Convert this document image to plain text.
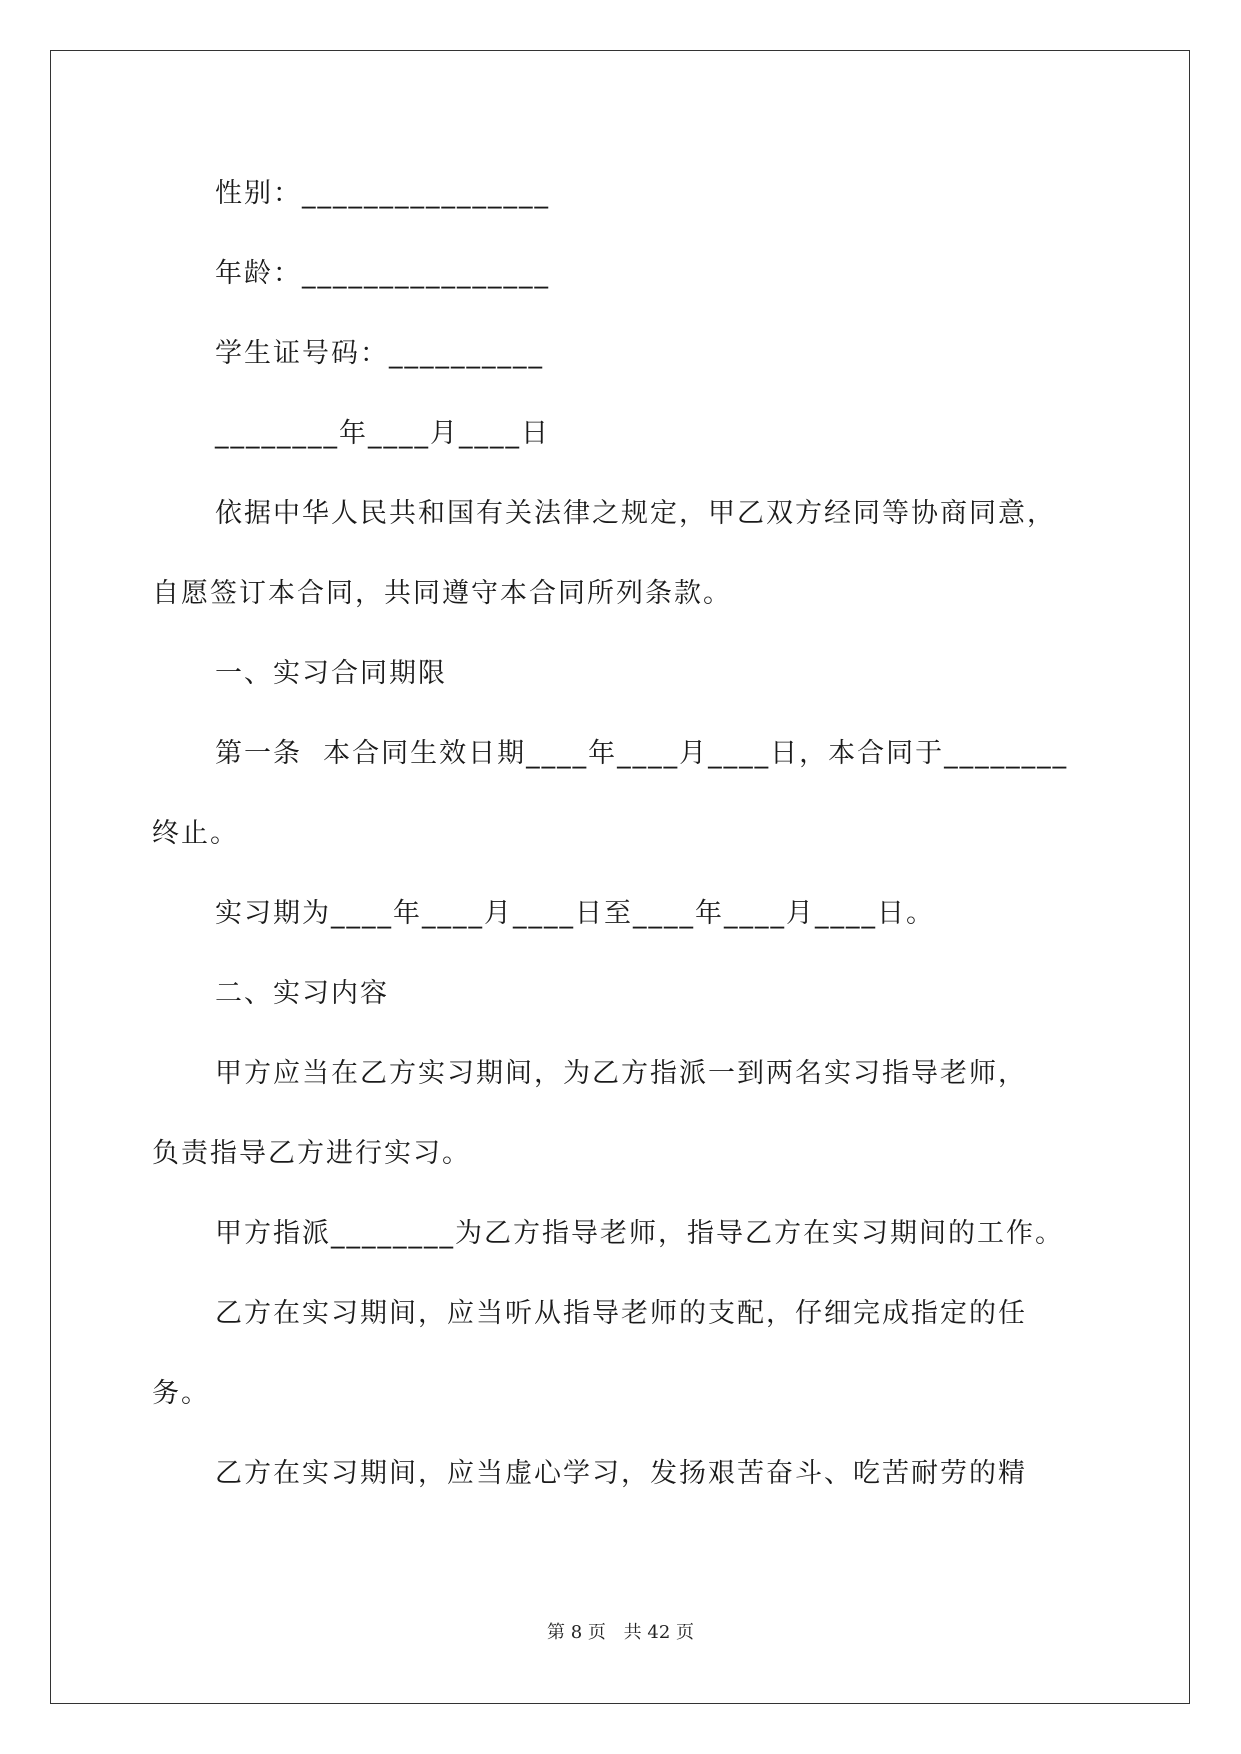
性别：________________
年龄：________________
学生证号码：__________
________年____月____日
依据中华人民共和国有关法律之规定，甲乙双方经同等协商同意，
自愿签订本合同，共同遵守本合同所列条款。
一、实习合同期限
第一条  本合同生效日期____年____月____日，本合同于________
终止。
实习期为____年____月____日至____年____月____日。
二、实习内容
甲方应当在乙方实习期间，为乙方指派一到两名实习指导老师，
负责指导乙方进行实习。
甲方指派________为乙方指导老师，指导乙方在实习期间的工作。
乙方在实习期间，应当听从指导老师的支配，仔细完成指定的任
务。
乙方在实习期间，应当虚心学习，发扬艰苦奋斗、吃苦耐劳的精
第 8 页 共 42 页
